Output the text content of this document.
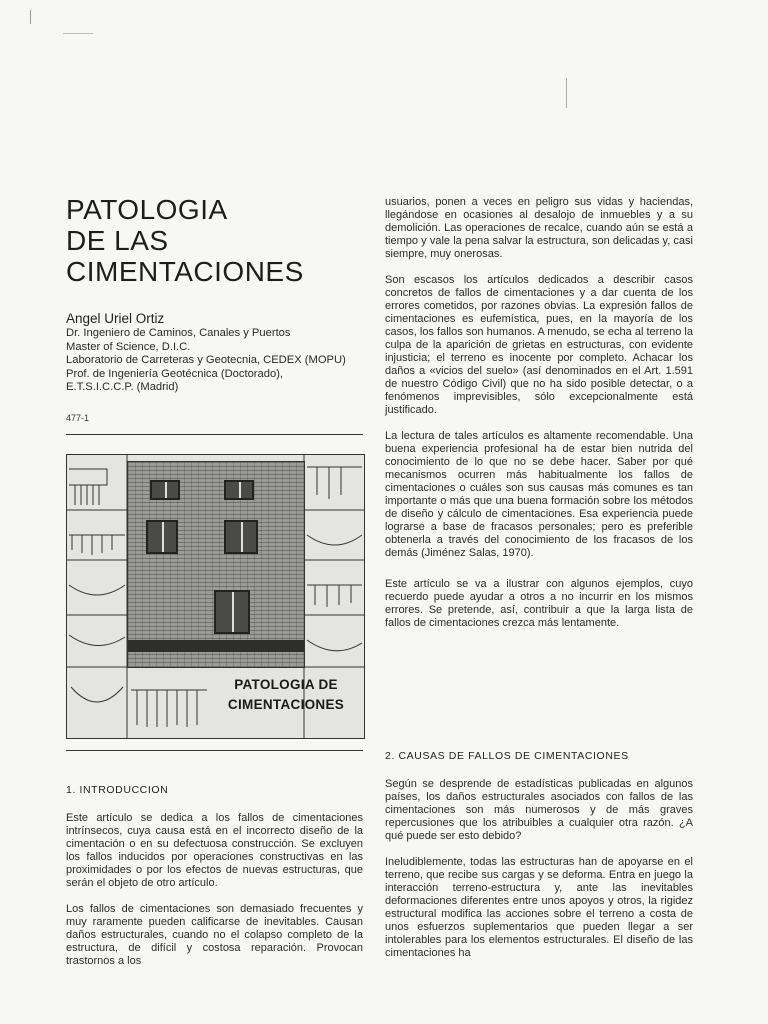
PATOLOGIA
DE LAS
CIMENTACIONES
Angel Uriel Ortiz
Dr. Ingeniero de Caminos, Canales y Puertos
Master of Science, D.I.C.
Laboratorio de Carreteras y Geotecnia, CEDEX (MOPU)
Prof. de Ingeniería Geotécnica (Doctorado),
E.T.S.I.C.C.P. (Madrid)
477-1
PATOLOGIA DE
CIMENTACIONES
1. INTRODUCCION

Este artículo se dedica a los fallos de cimentaciones intrínsecos, cuya causa está en el incorrecto diseño de la cimentación o en su defectuosa construcción. Se excluyen los fallos inducidos por operaciones constructivas en las proximidades o por los efectos de nuevas estructuras, que serán el objeto de otro artículo.

Los fallos de cimentaciones son demasiado frecuentes y muy raramente pueden calificarse de inevitables. Causan daños estructurales, cuando no el colapso completo de la estructura, de difícil y costosa reparación. Provocan trastornos a los

usuarios, ponen a veces en peligro sus vidas y haciendas, llegándose en ocasiones al desalojo de inmuebles y a su demolición. Las operaciones de recalce, cuando aún se está a tiempo y vale la pena salvar la estructura, son delicadas y, casi siempre, muy onerosas.

Son escasos los artículos dedicados a describir casos concretos de fallos de cimentaciones y a dar cuenta de los errores cometidos, por razones obvias. La expresión fallos de cimentaciones es eufemística, pues, en la mayoría de los casos, los fallos son humanos. A menudo, se echa al terreno la culpa de la aparición de grietas en estructuras, con evidente injusticia; el terreno es inocente por completo. Achacar los daños a «vicios del suelo» (así denominados en el Art. 1.591 de nuestro Código Civil) que no ha sido posible detectar, o a fenómenos imprevisibles, sólo excepcionalmente está justificado.

La lectura de tales artículos es altamente recomendable. Una buena experiencia profesional ha de estar bien nutrida del conocimiento de lo que no se debe hacer. Saber por qué mecanismos ocurren más habitualmente los fallos de cimentaciones o cuáles son sus causas más comunes es tan importante o más que una buena formación sobre los métodos de diseño y cálculo de cimentaciones. Esa experiencia puede lograrse a base de fracasos personales; pero es preferible obtenerla a través del conocimiento de los fracasos de los demás (Jiménez Salas, 1970).

Este artículo se va a ilustrar con algunos ejemplos, cuyo recuerdo puede ayudar a otros a no incurrir en los mismos errores. Se pretende, así, contribuir a que la larga lista de fallos de cimentaciones crezca más lentamente.

2. CAUSAS DE FALLOS DE CIMENTACIONES

Según se desprende de estadísticas publicadas en algunos países, los daños estructurales asociados con fallos de las cimentaciones son más numerosos y de más graves repercusiones que los atribuibles a cualquier otra razón. ¿A qué puede ser esto debido?

Ineludiblemente, todas las estructuras han de apoyarse en el terreno, que recibe sus cargas y se deforma. Entra en juego la interacción terreno-estructura y, ante las inevitables deformaciones diferentes entre unos apoyos y otros, la rigidez estructural modifica las acciones sobre el terreno a costa de unos esfuerzos suplementarios que pueden llegar a ser intolerables para los elementos estructurales. El diseño de las cimentaciones ha
